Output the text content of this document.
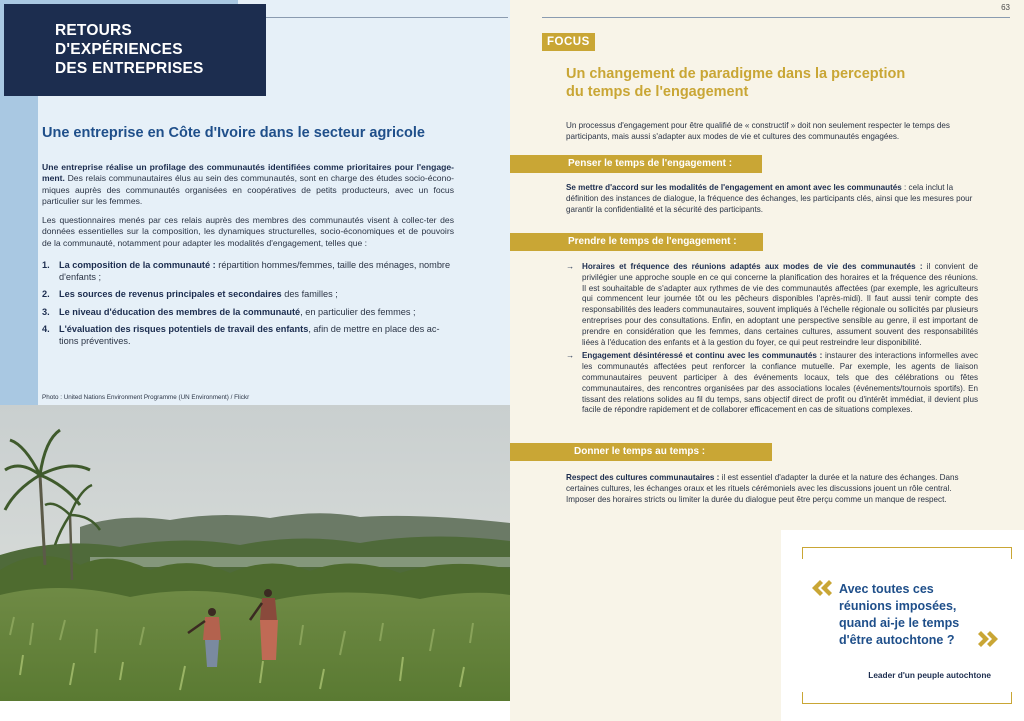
RETOURS
D'EXPÉRIENCES
DES ENTREPRISES
Une entreprise en Côte d'Ivoire dans le secteur agricole

Une entreprise réalise un profilage des communautés identifiées comme prioritaires pour l'engage-ment. Des relais communautaires élus au sein des communautés, sont en charge des études socio-écono-miques auprès des communautés organisées en coopératives de petits producteurs, avec un focus particulier sur les femmes.

Les questionnaires menés par ces relais auprès des membres des communautés visent à collec-ter des données essentielles sur la composition, les dynamiques structurelles, socio-économiques et de pouvoirs de la communauté, notamment pour adapter les modalités d'engagement, telles que :

1.	La composition de la communauté : répartition hommes/femmes, taille des ménages, nombre d'enfants ;
2.	Les sources de revenus principales et secondaires des familles ;
3.	Le niveau d'éducation des membres de la communauté, en particulier des femmes ;
4.	L'évaluation des risques potentiels de travail des enfants, afin de mettre en place des ac-tions préventives.
Photo : United Nations Environment Programme (UN Environment) / Flickr
63
FOCUS
Un changement de paradigme dans la perception
du temps de l'engagement

Un processus d'engagement pour être qualifié de « constructif » doit non seulement respecter le temps des participants, mais aussi s'adapter aux modes de vie et cultures des communautés engagées.

Penser le temps de l'engagement :

Se mettre d'accord sur les modalités de l'engagement en amont avec les communautés : cela inclut la définition des instances de dialogue, la fréquence des échanges, les participants clés, ainsi que les mesures pour garantir la confidentialité et la sécurité des participants.

Prendre le temps de l'engagement :
→ Horaires et fréquence des réunions adaptés aux modes de vie des communautés : il convient de privilégier une approche souple en ce qui concerne la planification des horaires et la fréquence des réunions. Il est souhaitable de s'adapter aux rythmes de vie des communautés affectées (par exemple, les agriculteurs qui commencent leur journée tôt ou les pêcheurs disponibles l'après-midi). Il faut aussi tenir compte des responsabilités des leaders communautaires, souvent impliqués à l'échelle régionale ou sollicités par plusieurs entreprises pour des consultations. Enfin, en adoptant une perspective sensible au genre, il est important de prendre en considération que les femmes, dans certaines cultures, assument souvent des responsabilités liées à l'éducation des enfants et à la gestion du foyer, ce qui peut restreindre leur disponibilité.
→ Engagement désintéressé et continu avec les communautés : instaurer des interactions informelles avec les communautés affectées peut renforcer la confiance mutuelle. Par exemple, les agents de liaison communautaires peuvent participer à des événements locaux, tels que des célébrations ou fêtes communautaires, des rencontres organisées par des associations locales (événements/tournois sportifs). En tissant des relations solides au fil du temps, sans objectif direct de profit ou d'intérêt immédiat, il devient plus facile de répondre rapidement et de collaborer efficacement en cas de situations complexes.
Donner le temps au temps :

Respect des cultures communautaires : il est essentiel d'adapter la durée et la nature des échanges. Dans certaines cultures, les échanges oraux et les rituels cérémoniels avec les discussions jouent un rôle central. Imposer des horaires stricts ou limiter la durée du dialogue peut être perçu comme un manque de respect.

Avec toutes ces réunions imposées, quand ai-je le temps d'être autochtone ?
Leader d'un peuple autochtone
